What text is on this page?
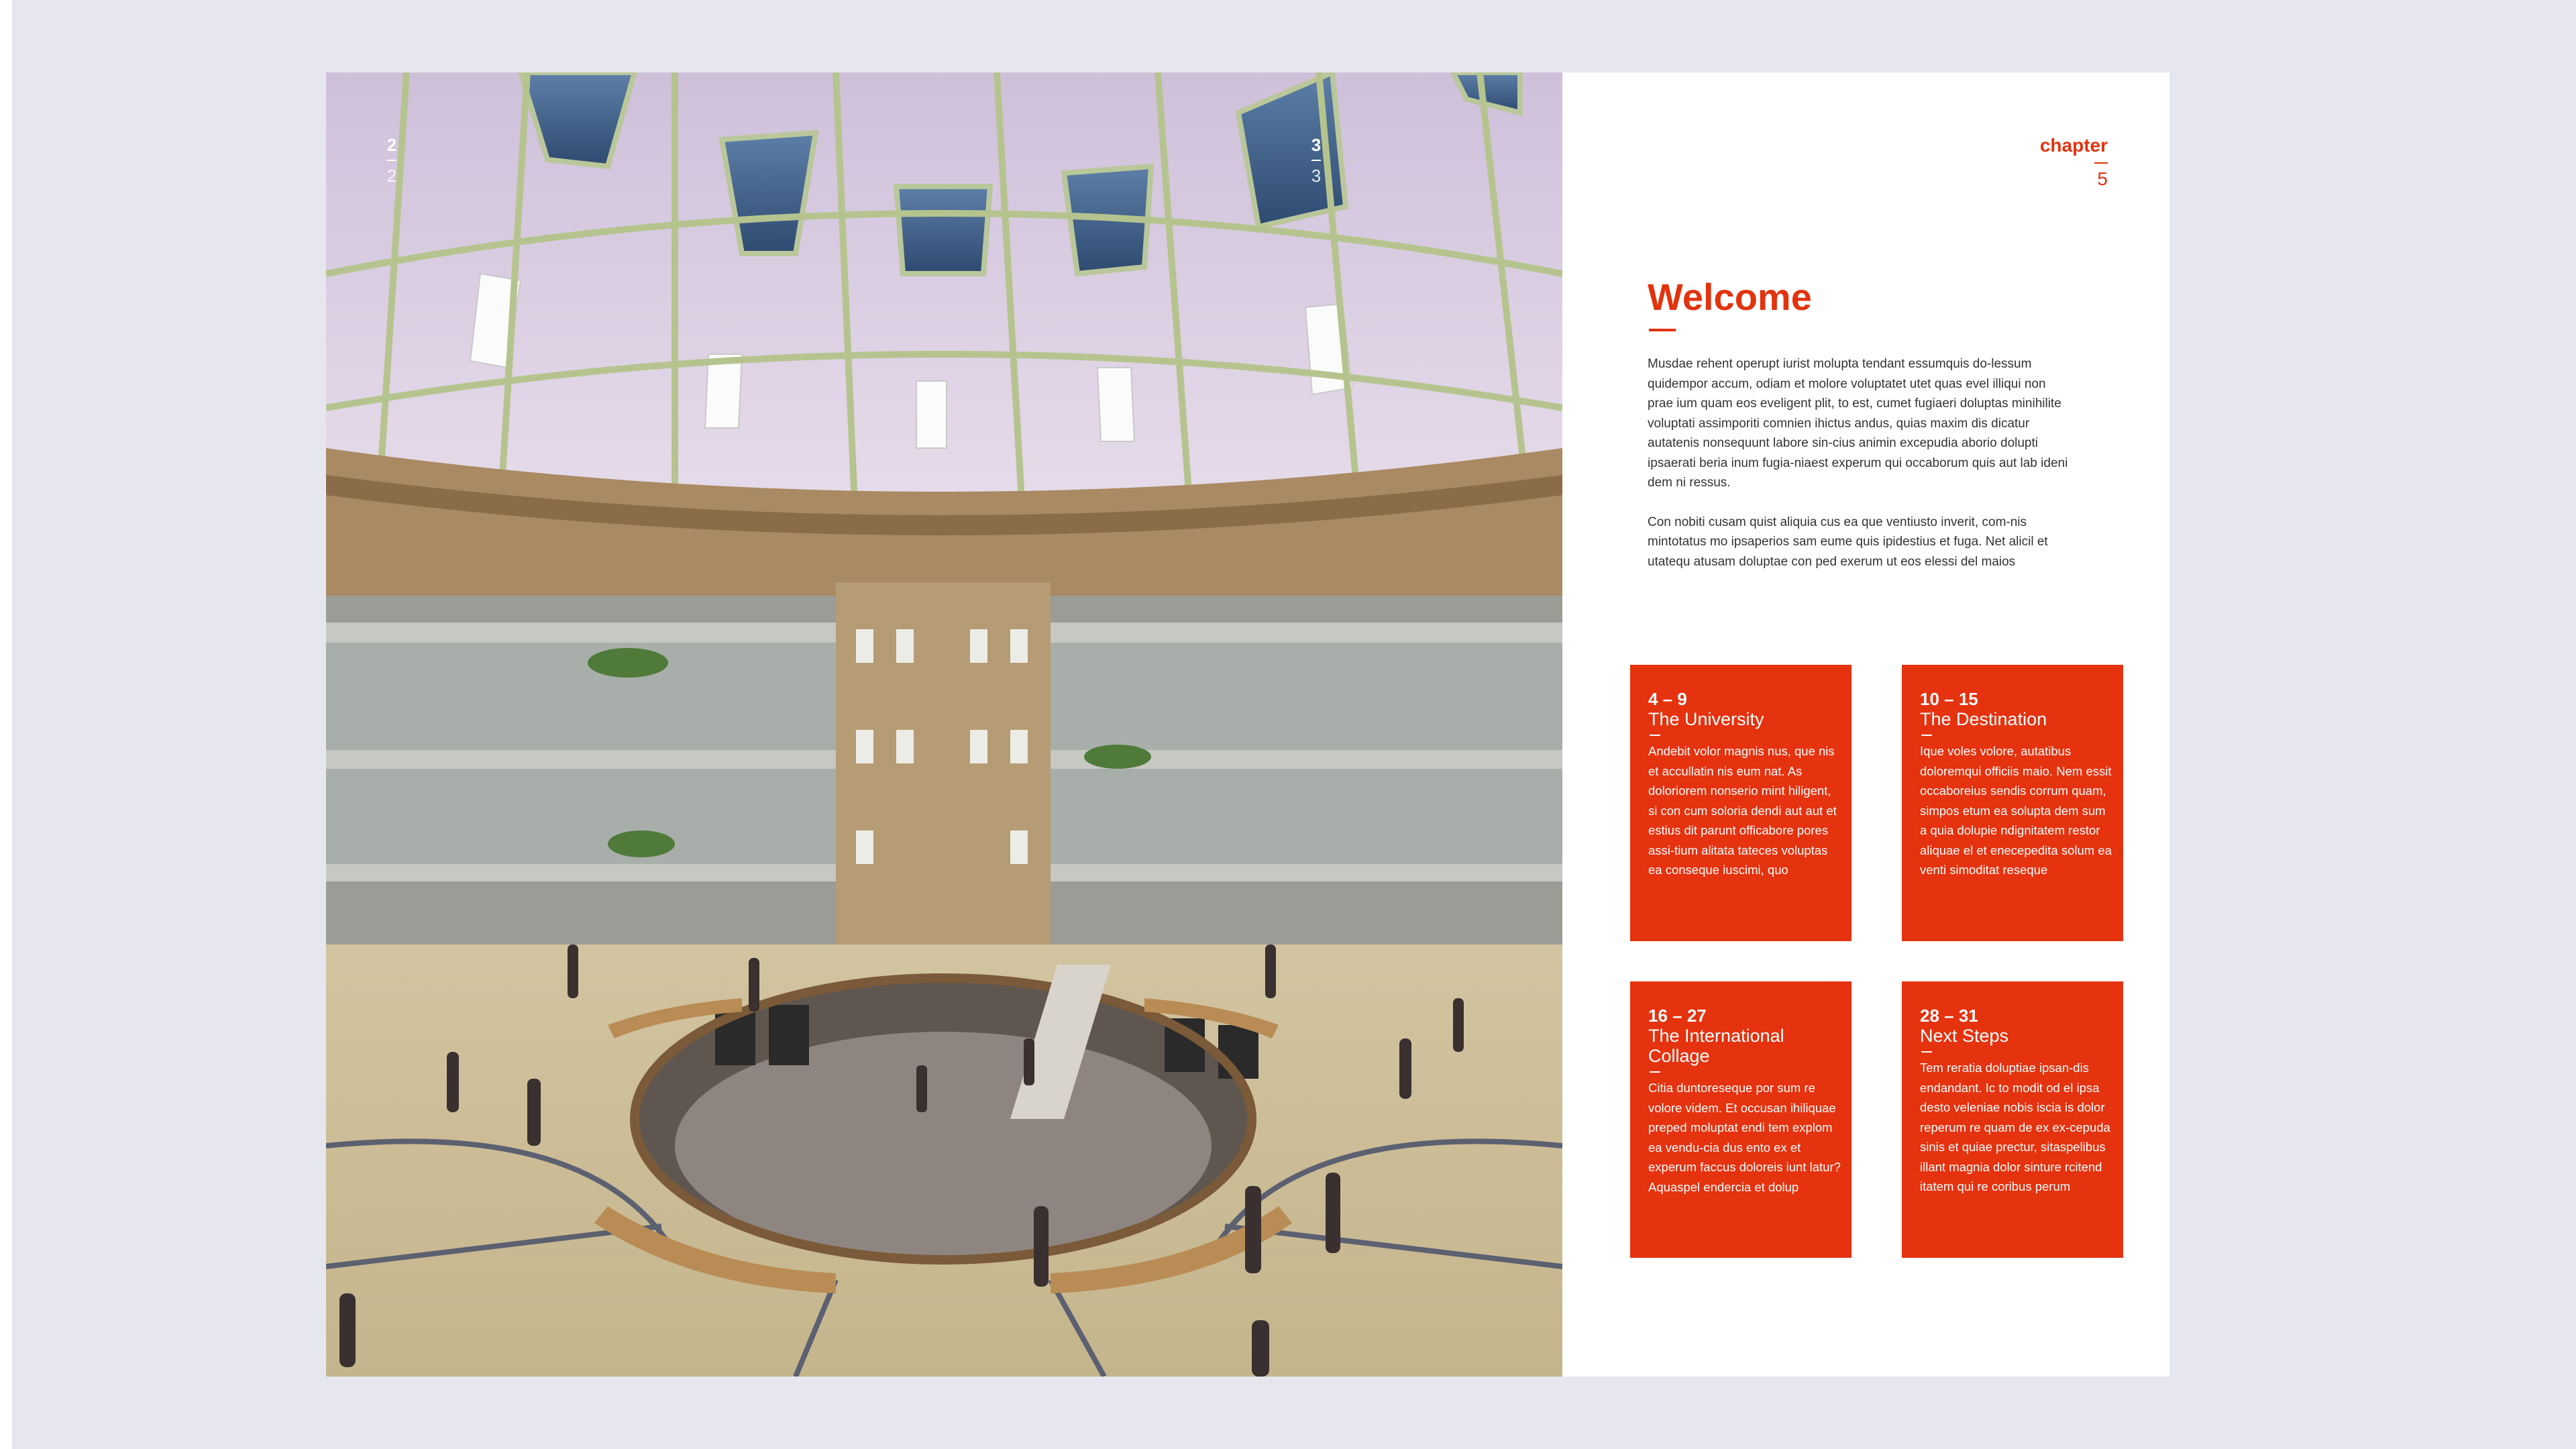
2
2
3
3
chapter
5
Welcome

Musdae rehent operupt iurist molupta tendant essumquis do-lessum quidempor accum, odiam et molore voluptatet utet quas evel illiqui non prae ium quam eos eveligent plit, to est, cumet fugiaeri doluptas minihilite voluptati assimporiti comnien ihictus andus, quias maxim dis dicatur autatenis nonsequunt labore sin-cius animin excepudia aborio dolupti ipsaerati beria inum fugia-niaest experum qui occaborum quis aut lab ideni dem ni ressus.

Con nobiti cusam quist aliquia cus ea que ventiusto inverit, com-nis mintotatus mo ipsaperios sam eume quis ipidestius et fuga. Net alicil et utatequ atusam doluptae con ped exerum ut eos elessi del maios

4 – 9
The University
Andebit volor magnis nus, que nis et accullatin nis eum nat. As doloriorem nonserio mint hiligent, si con cum soloria dendi aut aut et estius dit parunt officabore pores assi-tium alitata tateces voluptas ea conseque iuscimi, quo
10 – 15
The Destination
Ique voles volore, autatibus doloremqui officiis maio. Nem essit occaboreius sendis corrum quam, simpos etum ea solupta dem sum a quia dolupie ndignitatem restor aliquae el et enecepedita solum ea venti simoditat reseque
16 – 27
The International Collage
Citia duntoreseque por sum re volore videm. Et occusan ihiliquae preped moluptat endi tem explom ea vendu-cia dus ento ex et experum faccus doloreis iunt latur? Aquaspel endercia et dolup
28 – 31
Next Steps
Tem reratia doluptiae ipsan-dis endandant. Ic to modit od el ipsa desto veleniae nobis iscia is dolor reperum re quam de ex ex-cepuda sinis et quiae prectur, sitaspelibus illant magnia dolor sinture rcitend itatem qui re coribus perum
